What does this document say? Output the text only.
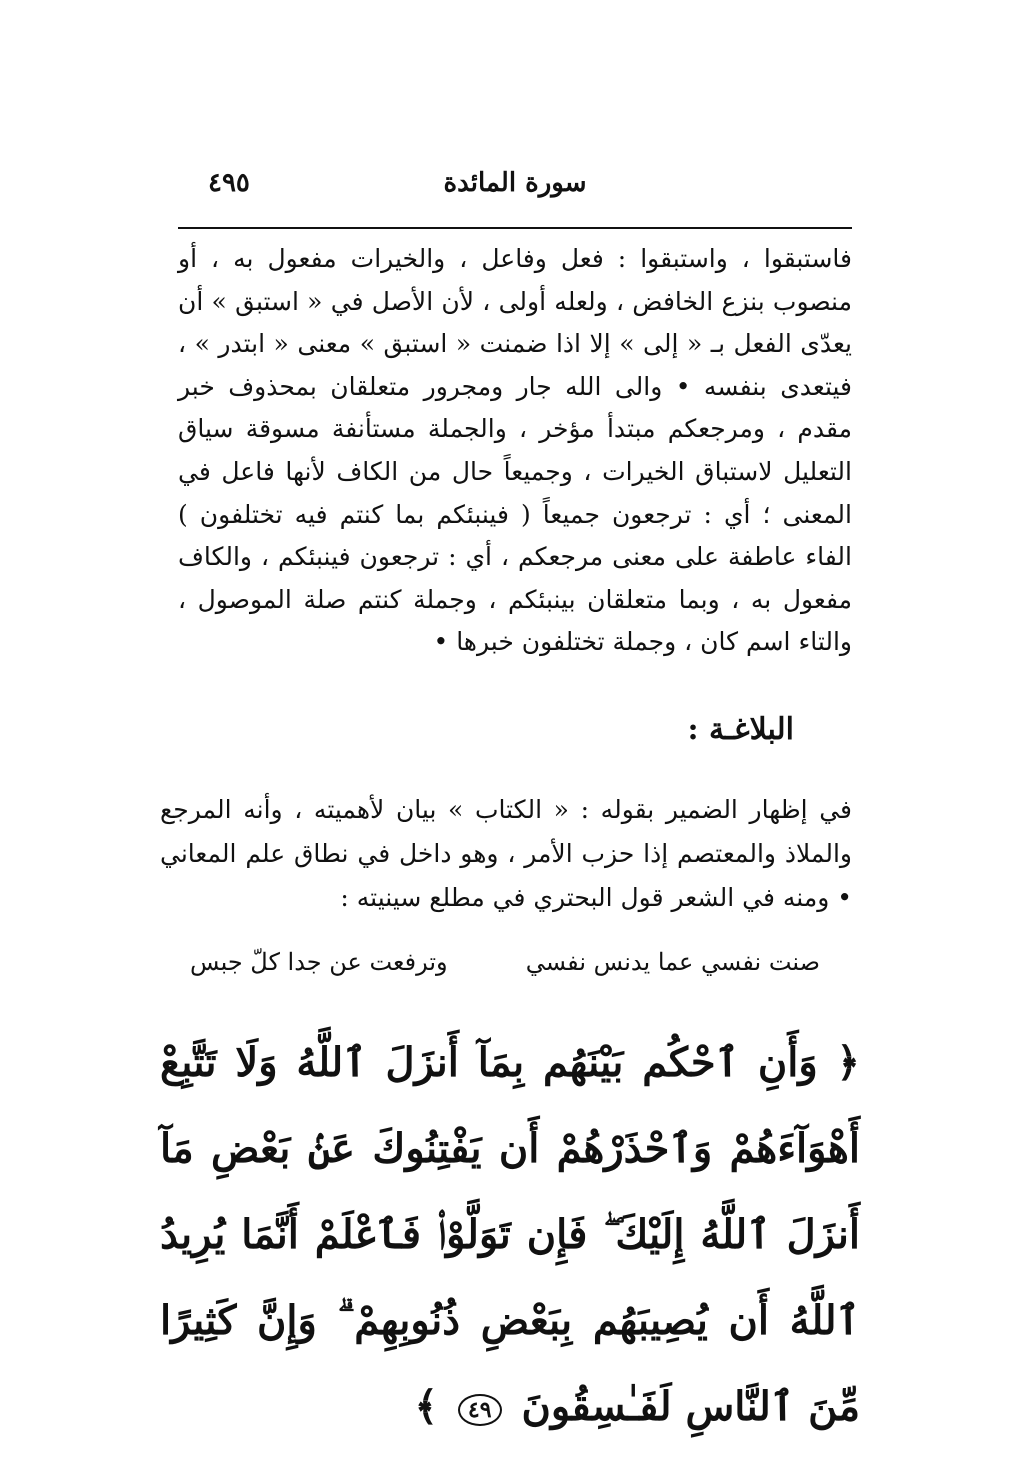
٤٩٥	سورة المائدة

فاستبقوا ، واستبقوا : فعل وفاعل ، والخيرات مفعول به ، أو منصوب بنزع الخافض ، ولعله أولى ، لأن الأصل في « استبق » أن يعدّى الفعل بـ « إلى » إلا اذا ضمنت « استبق » معنى « ابتدر » ، فيتعدى بنفسه • والى الله جار ومجرور متعلقان بمحذوف خبر مقدم ، ومرجعكم مبتدأ مؤخر ، والجملة مستأنفة مسوقة سياق التعليل لاستباق الخيرات ، وجميعاً حال من الكاف لأنها فاعل في المعنى ؛ أي : ترجعون جميعاً ( فينبئكم بما كنتم فيه تختلفون ) الفاء عاطفة على معنى مرجعكم ، أي : ترجعون فينبئكم ، والكاف مفعول به ، وبما متعلقان بينبئكم ، وجملة كنتم صلة الموصول ، والتاء اسم كان ، وجملة تختلفون خبرها •

البلاغـة :

في إظهار الضمير بقوله : « الكتاب » بيان لأهميته ، وأنه المرجع والملاذ والمعتصم إذا حزب الأمر ، وهو داخل في نطاق علم المعاني • ومنه في الشعر قول البحتري في مطلع سينيته :

صنت نفسي عما يدنس نفسي
وترفعت عن جدا كلّ جبس
﴿ وَأَنِ ٱحْكُم بَيْنَهُم بِمَآ أَنزَلَ ٱللَّهُ وَلَا تَتَّبِعْ أَهْوَآءَهُمْ وَٱحْذَرْهُمْ أَن يَفْتِنُوكَ عَنۢ بَعْضِ مَآ أَنزَلَ ٱللَّهُ إِلَيْكَ ۖ فَإِن تَوَلَّوْا۟ فَٱعْلَمْ أَنَّمَا يُرِيدُ ٱللَّهُ أَن يُصِيبَهُم بِبَعْضِ ذُنُوبِهِمْ ۗ وَإِنَّ كَثِيرًا مِّنَ ٱلنَّاسِ لَفَـٰسِقُونَ ٤٩ ﴾
